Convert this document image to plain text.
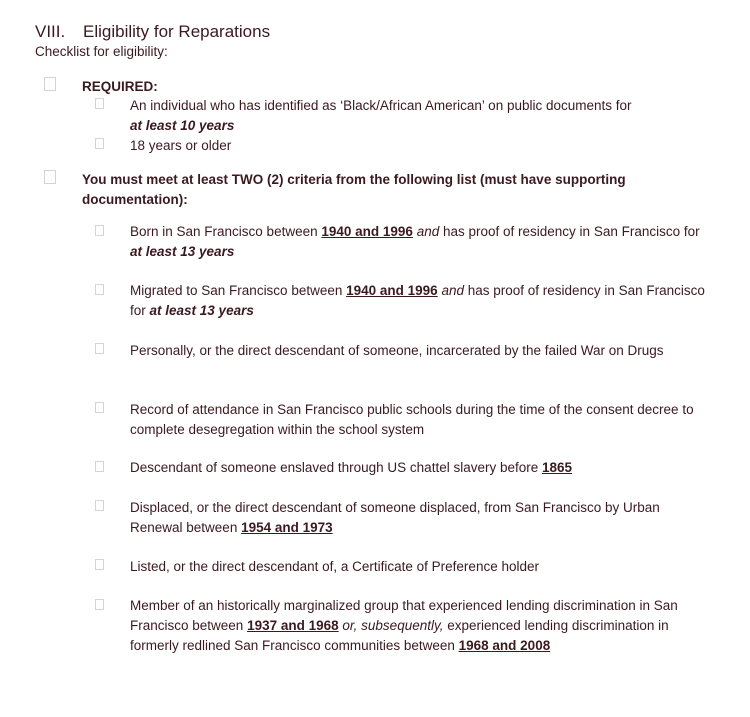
VIII. Eligibility for Reparations
Checklist for eligibility:
REQUIRED:
An individual who has identified as ‘Black/African American’ on public documents for
at least 10 years
18 years or older
You must meet at least TWO (2) criteria from the following list (must have supporting documentation):
Born in San Francisco between 1940 and 1996 and has proof of residency in San Francisco for at least 13 years
Migrated to San Francisco between 1940 and 1996 and has proof of residency in San Francisco for at least 13 years
Personally, or the direct descendant of someone, incarcerated by the failed War on Drugs
Record of attendance in San Francisco public schools during the time of the consent decree to complete desegregation within the school system
Descendant of someone enslaved through US chattel slavery before 1865
Displaced, or the direct descendant of someone displaced, from San Francisco by Urban Renewal between 1954 and 1973
Listed, or the direct descendant of, a Certificate of Preference holder
Member of an historically marginalized group that experienced lending discrimination in San Francisco between 1937 and 1968 or, subsequently, experienced lending discrimination in formerly redlined San Francisco communities between 1968 and 2008
